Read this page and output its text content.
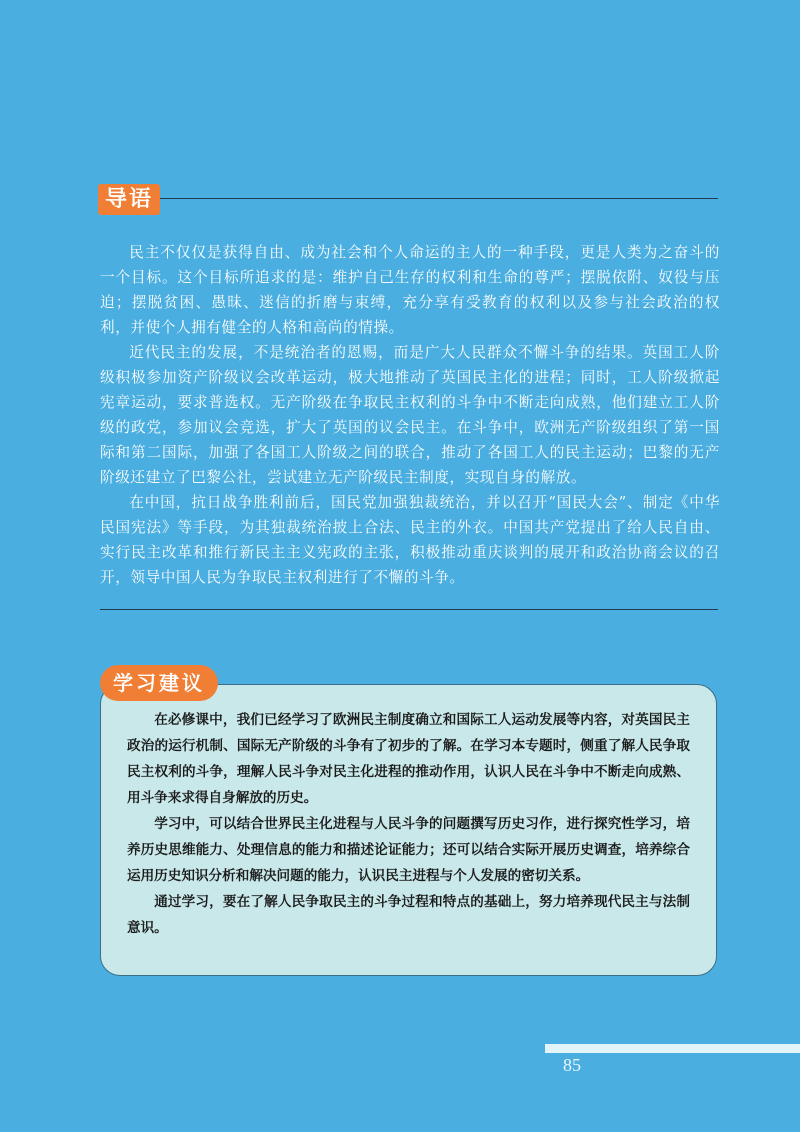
导语

民主不仅仅是获得自由、成为社会和个人命运的主人的一种手段，更是人类为之奋斗的一个目标。这个目标所追求的是：维护自己生存的权利和生命的尊严；摆脱依附、奴役与压迫；摆脱贫困、愚昧、迷信的折磨与束缚，充分享有受教育的权利以及参与社会政治的权利，并使个人拥有健全的人格和高尚的情操。

近代民主的发展，不是统治者的恩赐，而是广大人民群众不懈斗争的结果。英国工人阶级积极参加资产阶级议会改革运动，极大地推动了英国民主化的进程；同时，工人阶级掀起宪章运动，要求普选权。无产阶级在争取民主权利的斗争中不断走向成熟，他们建立工人阶级的政党，参加议会竞选，扩大了英国的议会民主。在斗争中，欧洲无产阶级组织了第一国际和第二国际，加强了各国工人阶级之间的联合，推动了各国工人的民主运动；巴黎的无产阶级还建立了巴黎公社，尝试建立无产阶级民主制度，实现自身的解放。

在中国，抗日战争胜利前后，国民党加强独裁统治，并以召开“国民大会”、制定《中华民国宪法》等手段，为其独裁统治披上合法、民主的外衣。中国共产党提出了给人民自由、实行民主改革和推行新民主主义宪政的主张，积极推动重庆谈判的展开和政治协商会议的召开，领导中国人民为争取民主权利进行了不懈的斗争。

在必修课中，我们已经学习了欧洲民主制度确立和国际工人运动发展等内容，对英国民主政治的运行机制、国际无产阶级的斗争有了初步的了解。在学习本专题时，侧重了解人民争取民主权利的斗争，理解人民斗争对民主化进程的推动作用，认识人民在斗争中不断走向成熟、用斗争来求得自身解放的历史。

学习中，可以结合世界民主化进程与人民斗争的问题撰写历史习作，进行探究性学习，培养历史思维能力、处理信息的能力和描述论证能力；还可以结合实际开展历史调查，培养综合运用历史知识分析和解决问题的能力，认识民主进程与个人发展的密切关系。

通过学习，要在了解人民争取民主的斗争过程和特点的基础上，努力培养现代民主与法制意识。

学习建议
85
